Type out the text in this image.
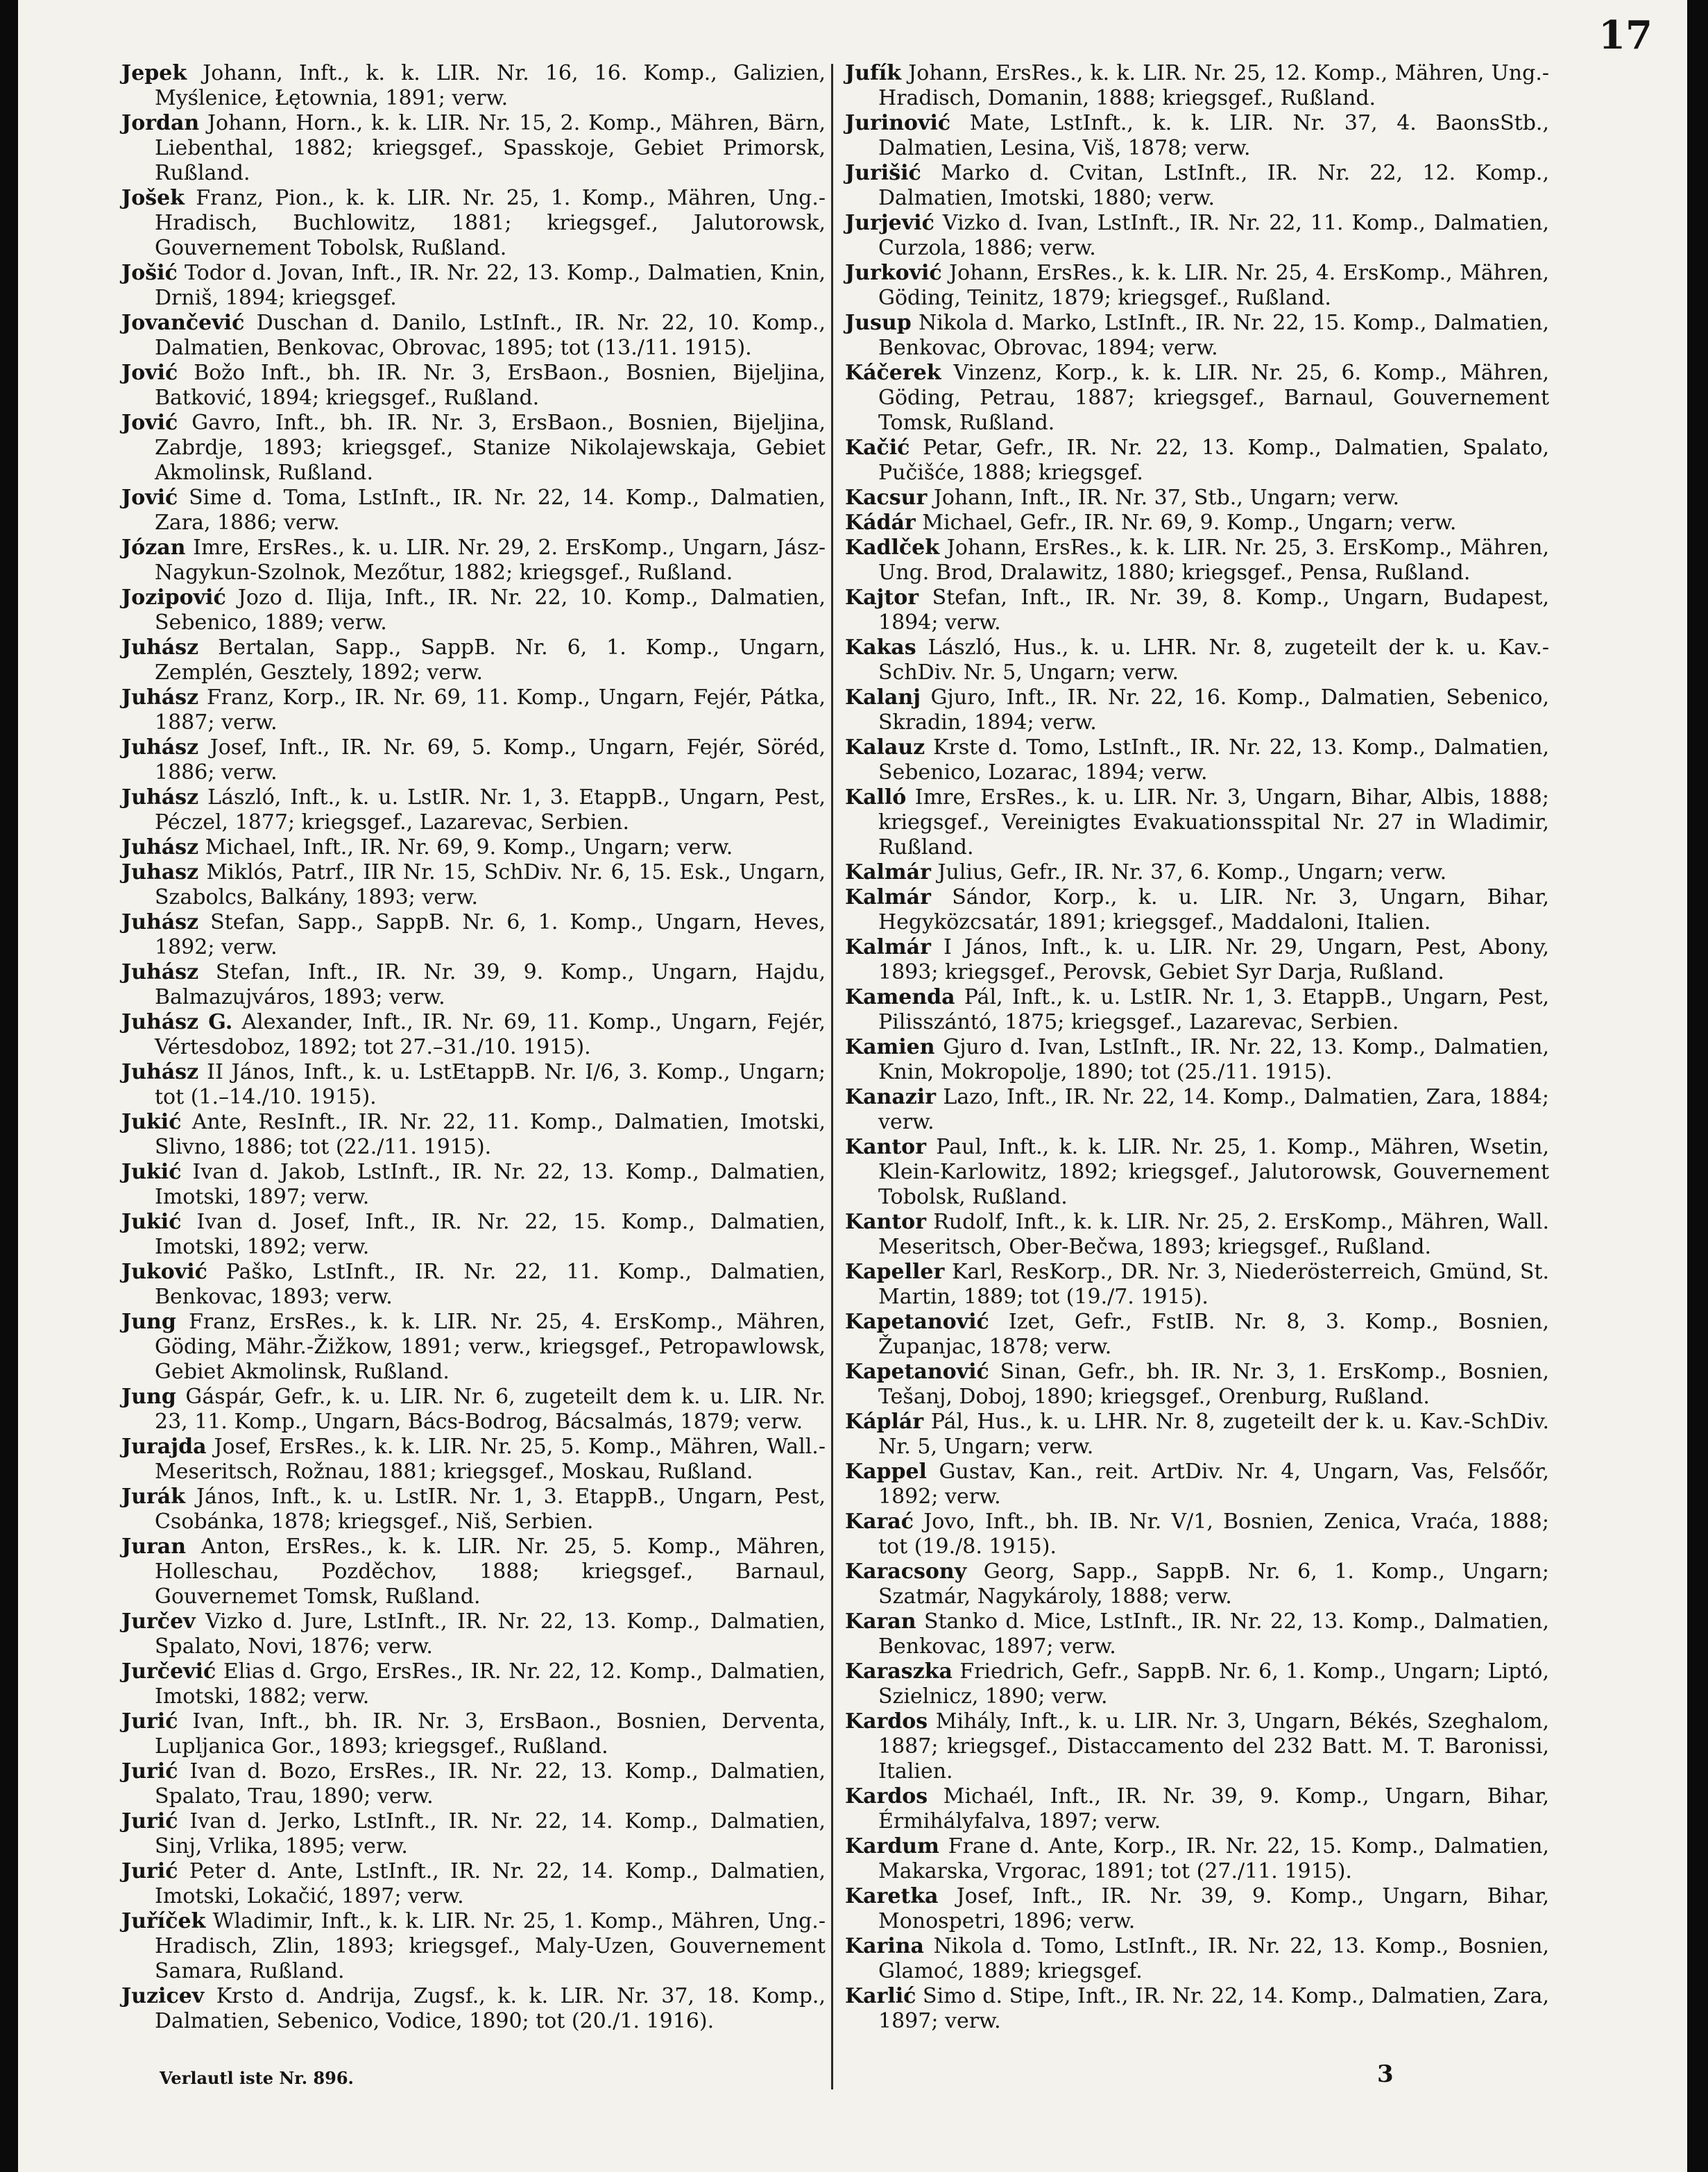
17

Jepek Johann, Inft., k. k. LIR. Nr. 16, 16. Komp., Galizien, Myślenice, Łętownia, 1891; verw.

Jordan Johann, Horn., k. k. LIR. Nr. 15, 2. Komp., Mähren, Bärn, Liebenthal, 1882; kriegsgef., Spasskoje, Gebiet Primorsk, Rußland.

Jošek Franz, Pion., k. k. LIR. Nr. 25, 1. Komp., Mähren, Ung.-Hradisch, Buchlowitz, 1881; kriegsgef., Jalutorowsk, Gouvernement Tobolsk, Rußland.

Jošić Todor d. Jovan, Inft., IR. Nr. 22, 13. Komp., Dalmatien, Knin, Drniš, 1894; kriegsgef.

Jovančević Duschan d. Danilo, LstInft., IR. Nr. 22, 10. Komp., Dalmatien, Benkovac, Obrovac, 1895; tot (13./11. 1915).

Jović Božo Inft., bh. IR. Nr. 3, ErsBaon., Bosnien, Bijeljina, Batković, 1894; kriegsgef., Rußland.

Jović Gavro, Inft., bh. IR. Nr. 3, ErsBaon., Bosnien, Bijeljina, Zabrdje, 1893; kriegsgef., Stanize Nikolajewskaja, Gebiet Akmolinsk, Rußland.

Jović Sime d. Toma, LstInft., IR. Nr. 22, 14. Komp., Dalmatien, Zara, 1886; verw.

Józan Imre, ErsRes., k. u. LIR. Nr. 29, 2. ErsKomp., Ungarn, Jász-Nagykun-Szolnok, Mezőtur, 1882; kriegsgef., Rußland.

Jozipović Jozo d. Ilija, Inft., IR. Nr. 22, 10. Komp., Dalmatien, Sebenico, 1889; verw.

Juhász Bertalan, Sapp., SappB. Nr. 6, 1. Komp., Ungarn, Zemplén, Gesztely, 1892; verw.

Juhász Franz, Korp., IR. Nr. 69, 11. Komp., Ungarn, Fejér, Pátka, 1887; verw.

Juhász Josef, Inft., IR. Nr. 69, 5. Komp., Ungarn, Fejér, Söréd, 1886; verw.

Juhász László, Inft., k. u. LstIR. Nr. 1, 3. EtappB., Ungarn, Pest, Péczel, 1877; kriegsgef., Lazarevac, Serbien.

Juhász Michael, Inft., IR. Nr. 69, 9. Komp., Ungarn; verw.

Juhasz Miklós, Patrf., IIR Nr. 15, SchDiv. Nr. 6, 15. Esk., Ungarn, Szabolcs, Balkány, 1893; verw.

Juhász Stefan, Sapp., SappB. Nr. 6, 1. Komp., Ungarn, Heves, 1892; verw.

Juhász Stefan, Inft., IR. Nr. 39, 9. Komp., Ungarn, Hajdu, Balmazujváros, 1893; verw.

Juhász G. Alexander, Inft., IR. Nr. 69, 11. Komp., Ungarn, Fejér, Vértesdoboz, 1892; tot 27.–31./10. 1915).

Juhász II János, Inft., k. u. LstEtappB. Nr. I/6, 3. Komp., Ungarn; tot (1.–14./10. 1915).

Jukić Ante, ResInft., IR. Nr. 22, 11. Komp., Dalmatien, Imotski, Slivno, 1886; tot (22./11. 1915).

Jukić Ivan d. Jakob, LstInft., IR. Nr. 22, 13. Komp., Dalmatien, Imotski, 1897; verw.

Jukić Ivan d. Josef, Inft., IR. Nr. 22, 15. Komp., Dalmatien, Imotski, 1892; verw.

Juković Paško, LstInft., IR. Nr. 22, 11. Komp., Dalmatien, Benkovac, 1893; verw.

Jung Franz, ErsRes., k. k. LIR. Nr. 25, 4. ErsKomp., Mähren, Göding, Mähr.-Žižkow, 1891; verw., kriegsgef., Petropawlowsk, Gebiet Akmolinsk, Rußland.

Jung Gáspár, Gefr., k. u. LIR. Nr. 6, zugeteilt dem k. u. LIR. Nr. 23, 11. Komp., Ungarn, Bács-Bodrog, Bácsalmás, 1879; verw.

Jurajda Josef, ErsRes., k. k. LIR. Nr. 25, 5. Komp., Mähren, Wall.-Meseritsch, Rožnau, 1881; kriegsgef., Moskau, Rußland.

Jurák János, Inft., k. u. LstIR. Nr. 1, 3. EtappB., Ungarn, Pest, Csobánka, 1878; kriegsgef., Niš, Serbien.

Juran Anton, ErsRes., k. k. LIR. Nr. 25, 5. Komp., Mähren, Holleschau, Pozděchov, 1888; kriegsgef., Barnaul, Gouvernemet Tomsk, Rußland.

Jurčev Vizko d. Jure, LstInft., IR. Nr. 22, 13. Komp., Dalmatien, Spalato, Novi, 1876; verw.

Jurčević Elias d. Grgo, ErsRes., IR. Nr. 22, 12. Komp., Dalmatien, Imotski, 1882; verw.

Jurić Ivan, Inft., bh. IR. Nr. 3, ErsBaon., Bosnien, Derventa, Lupljanica Gor., 1893; kriegsgef., Rußland.

Jurić Ivan d. Bozo, ErsRes., IR. Nr. 22, 13. Komp., Dalmatien, Spalato, Trau, 1890; verw.

Jurić Ivan d. Jerko, LstInft., IR. Nr. 22, 14. Komp., Dalmatien, Sinj, Vrlika, 1895; verw.

Jurić Peter d. Ante, LstInft., IR. Nr. 22, 14. Komp., Dalmatien, Imotski, Lokačić, 1897; verw.

Juříček Wladimir, Inft., k. k. LIR. Nr. 25, 1. Komp., Mähren, Ung.-Hradisch, Zlin, 1893; kriegsgef., Maly-Uzen, Gouvernement Samara, Rußland.

Juzicev Krsto d. Andrija, Zugsf., k. k. LIR. Nr. 37, 18. Komp., Dalmatien, Sebenico, Vodice, 1890; tot (20./1. 1916).

Jufík Johann, ErsRes., k. k. LIR. Nr. 25, 12. Komp., Mähren, Ung.-Hradisch, Domanin, 1888; kriegsgef., Rußland.

Jurinović Mate, LstInft., k. k. LIR. Nr. 37, 4. BaonsStb., Dalmatien, Lesina, Viš, 1878; verw.

Jurišić Marko d. Cvitan, LstInft., IR. Nr. 22, 12. Komp., Dalmatien, Imotski, 1880; verw.

Jurjević Vizko d. Ivan, LstInft., IR. Nr. 22, 11. Komp., Dalmatien, Curzola, 1886; verw.

Jurković Johann, ErsRes., k. k. LIR. Nr. 25, 4. ErsKomp., Mähren, Göding, Teinitz, 1879; kriegsgef., Rußland.

Jusup Nikola d. Marko, LstInft., IR. Nr. 22, 15. Komp., Dalmatien, Benkovac, Obrovac, 1894; verw.

Káčerek Vinzenz, Korp., k. k. LIR. Nr. 25, 6. Komp., Mähren, Göding, Petrau, 1887; kriegsgef., Barnaul, Gouvernement Tomsk, Rußland.

Kačić Petar, Gefr., IR. Nr. 22, 13. Komp., Dalmatien, Spalato, Pučišće, 1888; kriegsgef.

Kacsur Johann, Inft., IR. Nr. 37, Stb., Ungarn; verw.

Kádár Michael, Gefr., IR. Nr. 69, 9. Komp., Ungarn; verw.

Kadlček Johann, ErsRes., k. k. LIR. Nr. 25, 3. ErsKomp., Mähren, Ung. Brod, Dralawitz, 1880; kriegsgef., Pensa, Rußland.

Kajtor Stefan, Inft., IR. Nr. 39, 8. Komp., Ungarn, Budapest, 1894; verw.

Kakas László, Hus., k. u. LHR. Nr. 8, zugeteilt der k. u. Kav.-SchDiv. Nr. 5, Ungarn; verw.

Kalanj Gjuro, Inft., IR. Nr. 22, 16. Komp., Dalmatien, Sebenico, Skradin, 1894; verw.

Kalauz Krste d. Tomo, LstInft., IR. Nr. 22, 13. Komp., Dalmatien, Sebenico, Lozarac, 1894; verw.

Kalló Imre, ErsRes., k. u. LIR. Nr. 3, Ungarn, Bihar, Albis, 1888; kriegsgef., Vereinigtes Evakuationsspital Nr. 27 in Wladimir, Rußland.

Kalmár Julius, Gefr., IR. Nr. 37, 6. Komp., Ungarn; verw.

Kalmár Sándor, Korp., k. u. LIR. Nr. 3, Ungarn, Bihar, Hegyközcsatár, 1891; kriegsgef., Maddaloni, Italien.

Kalmár I János, Inft., k. u. LIR. Nr. 29, Ungarn, Pest, Abony, 1893; kriegsgef., Perovsk, Gebiet Syr Darja, Rußland.

Kamenda Pál, Inft., k. u. LstIR. Nr. 1, 3. EtappB., Ungarn, Pest, Pilisszántó, 1875; kriegsgef., Lazarevac, Serbien.

Kamien Gjuro d. Ivan, LstInft., IR. Nr. 22, 13. Komp., Dalmatien, Knin, Mokropolje, 1890; tot (25./11. 1915).

Kanazir Lazo, Inft., IR. Nr. 22, 14. Komp., Dalmatien, Zara, 1884; verw.

Kantor Paul, Inft., k. k. LIR. Nr. 25, 1. Komp., Mähren, Wsetin, Klein-Karlowitz, 1892; kriegsgef., Jalutorowsk, Gouvernement Tobolsk, Rußland.

Kantor Rudolf, Inft., k. k. LIR. Nr. 25, 2. ErsKomp., Mähren, Wall. Meseritsch, Ober-Bečwa, 1893; kriegsgef., Rußland.

Kapeller Karl, ResKorp., DR. Nr. 3, Niederösterreich, Gmünd, St. Martin, 1889; tot (19./7. 1915).

Kapetanović Izet, Gefr., FstIB. Nr. 8, 3. Komp., Bosnien, Županjac, 1878; verw.

Kapetanović Sinan, Gefr., bh. IR. Nr. 3, 1. ErsKomp., Bosnien, Tešanj, Doboj, 1890; kriegsgef., Orenburg, Rußland.

Káplár Pál, Hus., k. u. LHR. Nr. 8, zugeteilt der k. u. Kav.-SchDiv. Nr. 5, Ungarn; verw.

Kappel Gustav, Kan., reit. ArtDiv. Nr. 4, Ungarn, Vas, Felsőőr, 1892; verw.

Karać Jovo, Inft., bh. IB. Nr. V/1, Bosnien, Zenica, Vraća, 1888; tot (19./8. 1915).

Karacsony Georg, Sapp., SappB. Nr. 6, 1. Komp., Ungarn; Szatmár, Nagykároly, 1888; verw.

Karan Stanko d. Mice, LstInft., IR. Nr. 22, 13. Komp., Dalmatien, Benkovac, 1897; verw.

Karaszka Friedrich, Gefr., SappB. Nr. 6, 1. Komp., Ungarn; Liptó, Szielnicz, 1890; verw.

Kardos Mihály, Inft., k. u. LIR. Nr. 3, Ungarn, Békés, Szeghalom, 1887; kriegsgef., Distaccamento del 232 Batt. M. T. Baronissi, Italien.

Kardos Michaél, Inft., IR. Nr. 39, 9. Komp., Ungarn, Bihar, Érmihályfalva, 1897; verw.

Kardum Frane d. Ante, Korp., IR. Nr. 22, 15. Komp., Dalmatien, Makarska, Vrgorac, 1891; tot (27./11. 1915).

Karetka Josef, Inft., IR. Nr. 39, 9. Komp., Ungarn, Bihar, Monospetri, 1896; verw.

Karina Nikola d. Tomo, LstInft., IR. Nr. 22, 13. Komp., Bosnien, Glamoć, 1889; kriegsgef.

Karlić Simo d. Stipe, Inft., IR. Nr. 22, 14. Komp., Dalmatien, Zara, 1897; verw.

Verlautl iste Nr. 896.	3
